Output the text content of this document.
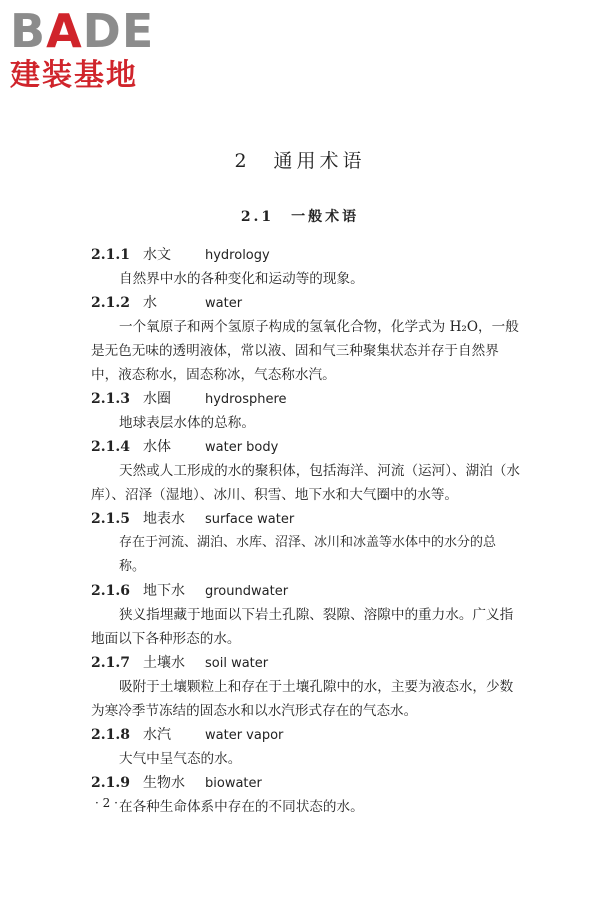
BADE

建装基地

2　通用术语
2.1　一般术语
2.1.1 水文	hydrology

自然界中水的各种变化和运动等的现象。

2.1.2 水	water

一个氧原子和两个氢原子构成的氢氧化合物，化学式为 H₂O，一般是无色无味的透明液体，常以液、固和气三种聚集状态并存于自然界中，液态称水，固态称冰，气态称水汽。

2.1.3 水圈	hydrosphere

地球表层水体的总称。

2.1.4 水体	water body

天然或人工形成的水的聚积体，包括海洋、河流（运河）、湖泊（水库）、沼泽（湿地）、冰川、积雪、地下水和大气圈中的水等。

2.1.5 地表水 surface water

存在于河流、湖泊、水库、沼泽、冰川和冰盖等水体中的水分的总称。

2.1.6 地下水 groundwater

狭义指埋藏于地面以下岩土孔隙、裂隙、溶隙中的重力水。广义指地面以下各种形态的水。

2.1.7 土壤水 soil water

吸附于土壤颗粒上和存在于土壤孔隙中的水，主要为液态水，少数为寒冷季节冻结的固态水和以水汽形式存在的气态水。

2.1.8 水汽	water vapor

大气中呈气态的水。

2.1.9 生物水 biowater

在各种生命体系中存在的不同状态的水。

· 2 ·
